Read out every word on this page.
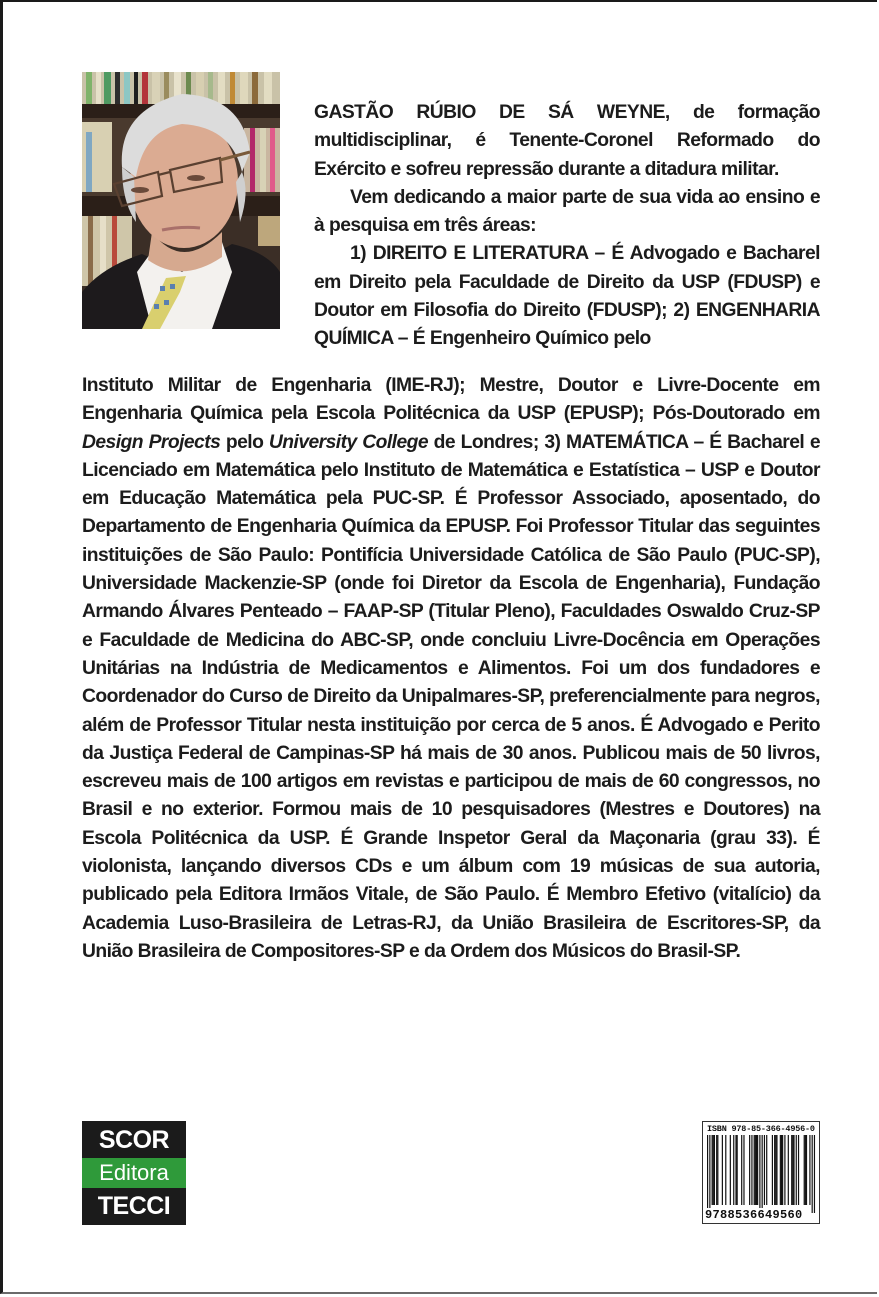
GASTÃO RÚBIO DE SÁ WEYNE, de formação multidisciplinar, é Tenente-Coronel Reformado do Exército e sofreu repressão durante a ditadura militar.

Vem dedicando a maior parte de sua vida ao ensino e à pesquisa em três áreas:

1) DIREITO E LITERATURA – É Advogado e Bacharel em Direito pela Faculdade de Direito da USP (FDUSP) e Doutor em Filosofia do Direito (FDUSP); 2) ENGENHARIA QUÍMICA – É Engenheiro Químico pelo

Instituto Militar de Engenharia (IME-RJ); Mestre, Doutor e Livre-Docente em Engenharia Química pela Escola Politécnica da USP (EPUSP); Pós-Doutorado em Design Projects pelo University College de Londres; 3) MATEMÁTICA – É Bacharel e Licenciado em Matemática pelo Instituto de Matemática e Estatística – USP e Doutor em Educação Matemática pela PUC-SP. É Professor Associado, aposentado, do Departamento de Engenharia Química da EPUSP. Foi Professor Titular das seguintes instituições de São Paulo: Pontifícia Universidade Católica de São Paulo (PUC-SP), Universidade Mackenzie-SP (onde foi Diretor da Escola de Engenharia), Fundação Armando Álvares Penteado – FAAP-SP (Titular Pleno), Faculdades Oswaldo Cruz-SP e Faculdade de Medicina do ABC-SP, onde concluiu Livre-Docência em Operações Unitárias na Indústria de Medicamentos e Alimentos. Foi um dos fundadores e Coordenador do Curso de Direito da Unipalmares-SP, preferencialmente para negros, além de Professor Titular nesta instituição por cerca de 5 anos. É Advogado e Perito da Justiça Federal de Campinas-SP há mais de 30 anos. Publicou mais de 50 livros, escreveu mais de 100 artigos em revistas e participou de mais de 60 congressos, no Brasil e no exterior. Formou mais de 10 pesquisadores (Mestres e Doutores) na Escola Politécnica da USP. É Grande Inspetor Geral da Maçonaria (grau 33). É violonista, lançando diversos CDs e um álbum com 19 músicas de sua autoria, publicado pela Editora Irmãos Vitale, de São Paulo. É Membro Efetivo (vitalício) da Academia Luso-Brasileira de Letras-RJ, da União Brasileira de Escritores-SP, da União Brasileira de Compositores-SP e da Ordem dos Músicos do Brasil-SP.

SCOR
Editora
TECCI
ISBN 978-85-366-4956-0
9788536649560
